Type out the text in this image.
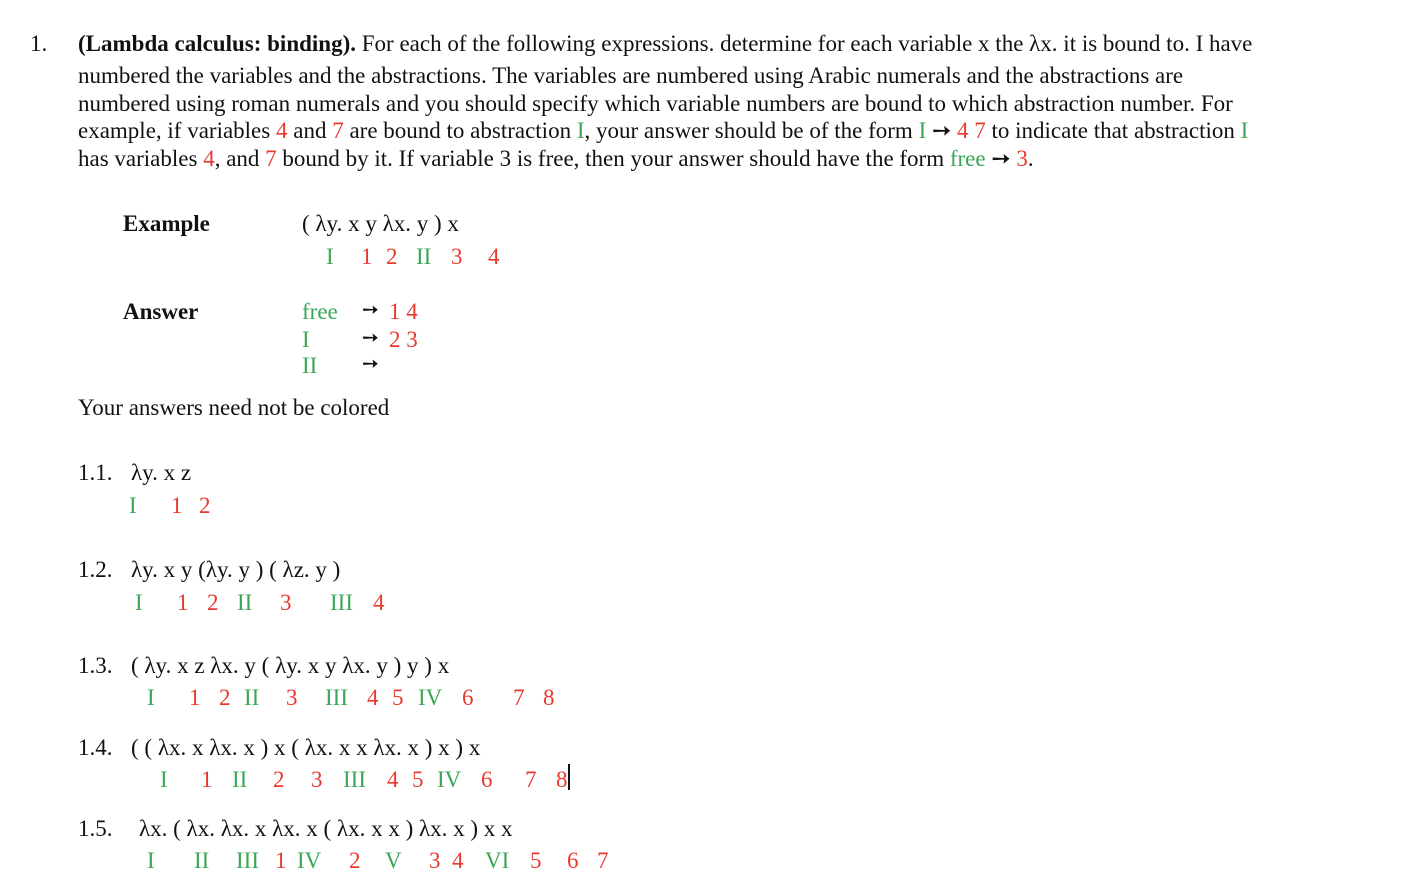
1. (Lambda calculus: binding). For each of the following expressions. determine for each variable x the λx. it is bound to. I have
numbered the variables and the abstractions. The variables are numbered using Arabic numerals and the abstractions are
numbered using roman numerals and you should specify which variable numbers are bound to which abstraction number. For
example, if variables 4 and 7 are bound to abstraction I, your answer should be of the form I ➙ 4 7 to indicate that abstraction I
has variables 4, and 7 bound by it. If variable 3 is free, then your answer should have the form free ➙ 3.
Example	( λy. x y λx. y ) x
I 1 2 II 3 4
Answer	free ➙ 1 4
I	➙ 2 3
II ➙
Your answers need not be colored
1.1. λy. x z
I 1 2
1.2. λy. x y (λy. y ) ( λz. y )
I 1 2 II 3 III 4
1.3. ( λy. x z λx. y ( λy. x y λx. y ) y ) x
I 1 2 II 3 III 4 5 IV 6 7 8
1.4. ( ( λx. x λx. x ) x ( λx. x x λx. x ) x ) x
I 1 II 2 3 III 4 5 IV 6 7 8
1.5. λx. ( λx. λx. x λx. x ( λx. x x ) λx. x ) x x
I II III 1 IV 2 V 3 4 VI 5 6 7
